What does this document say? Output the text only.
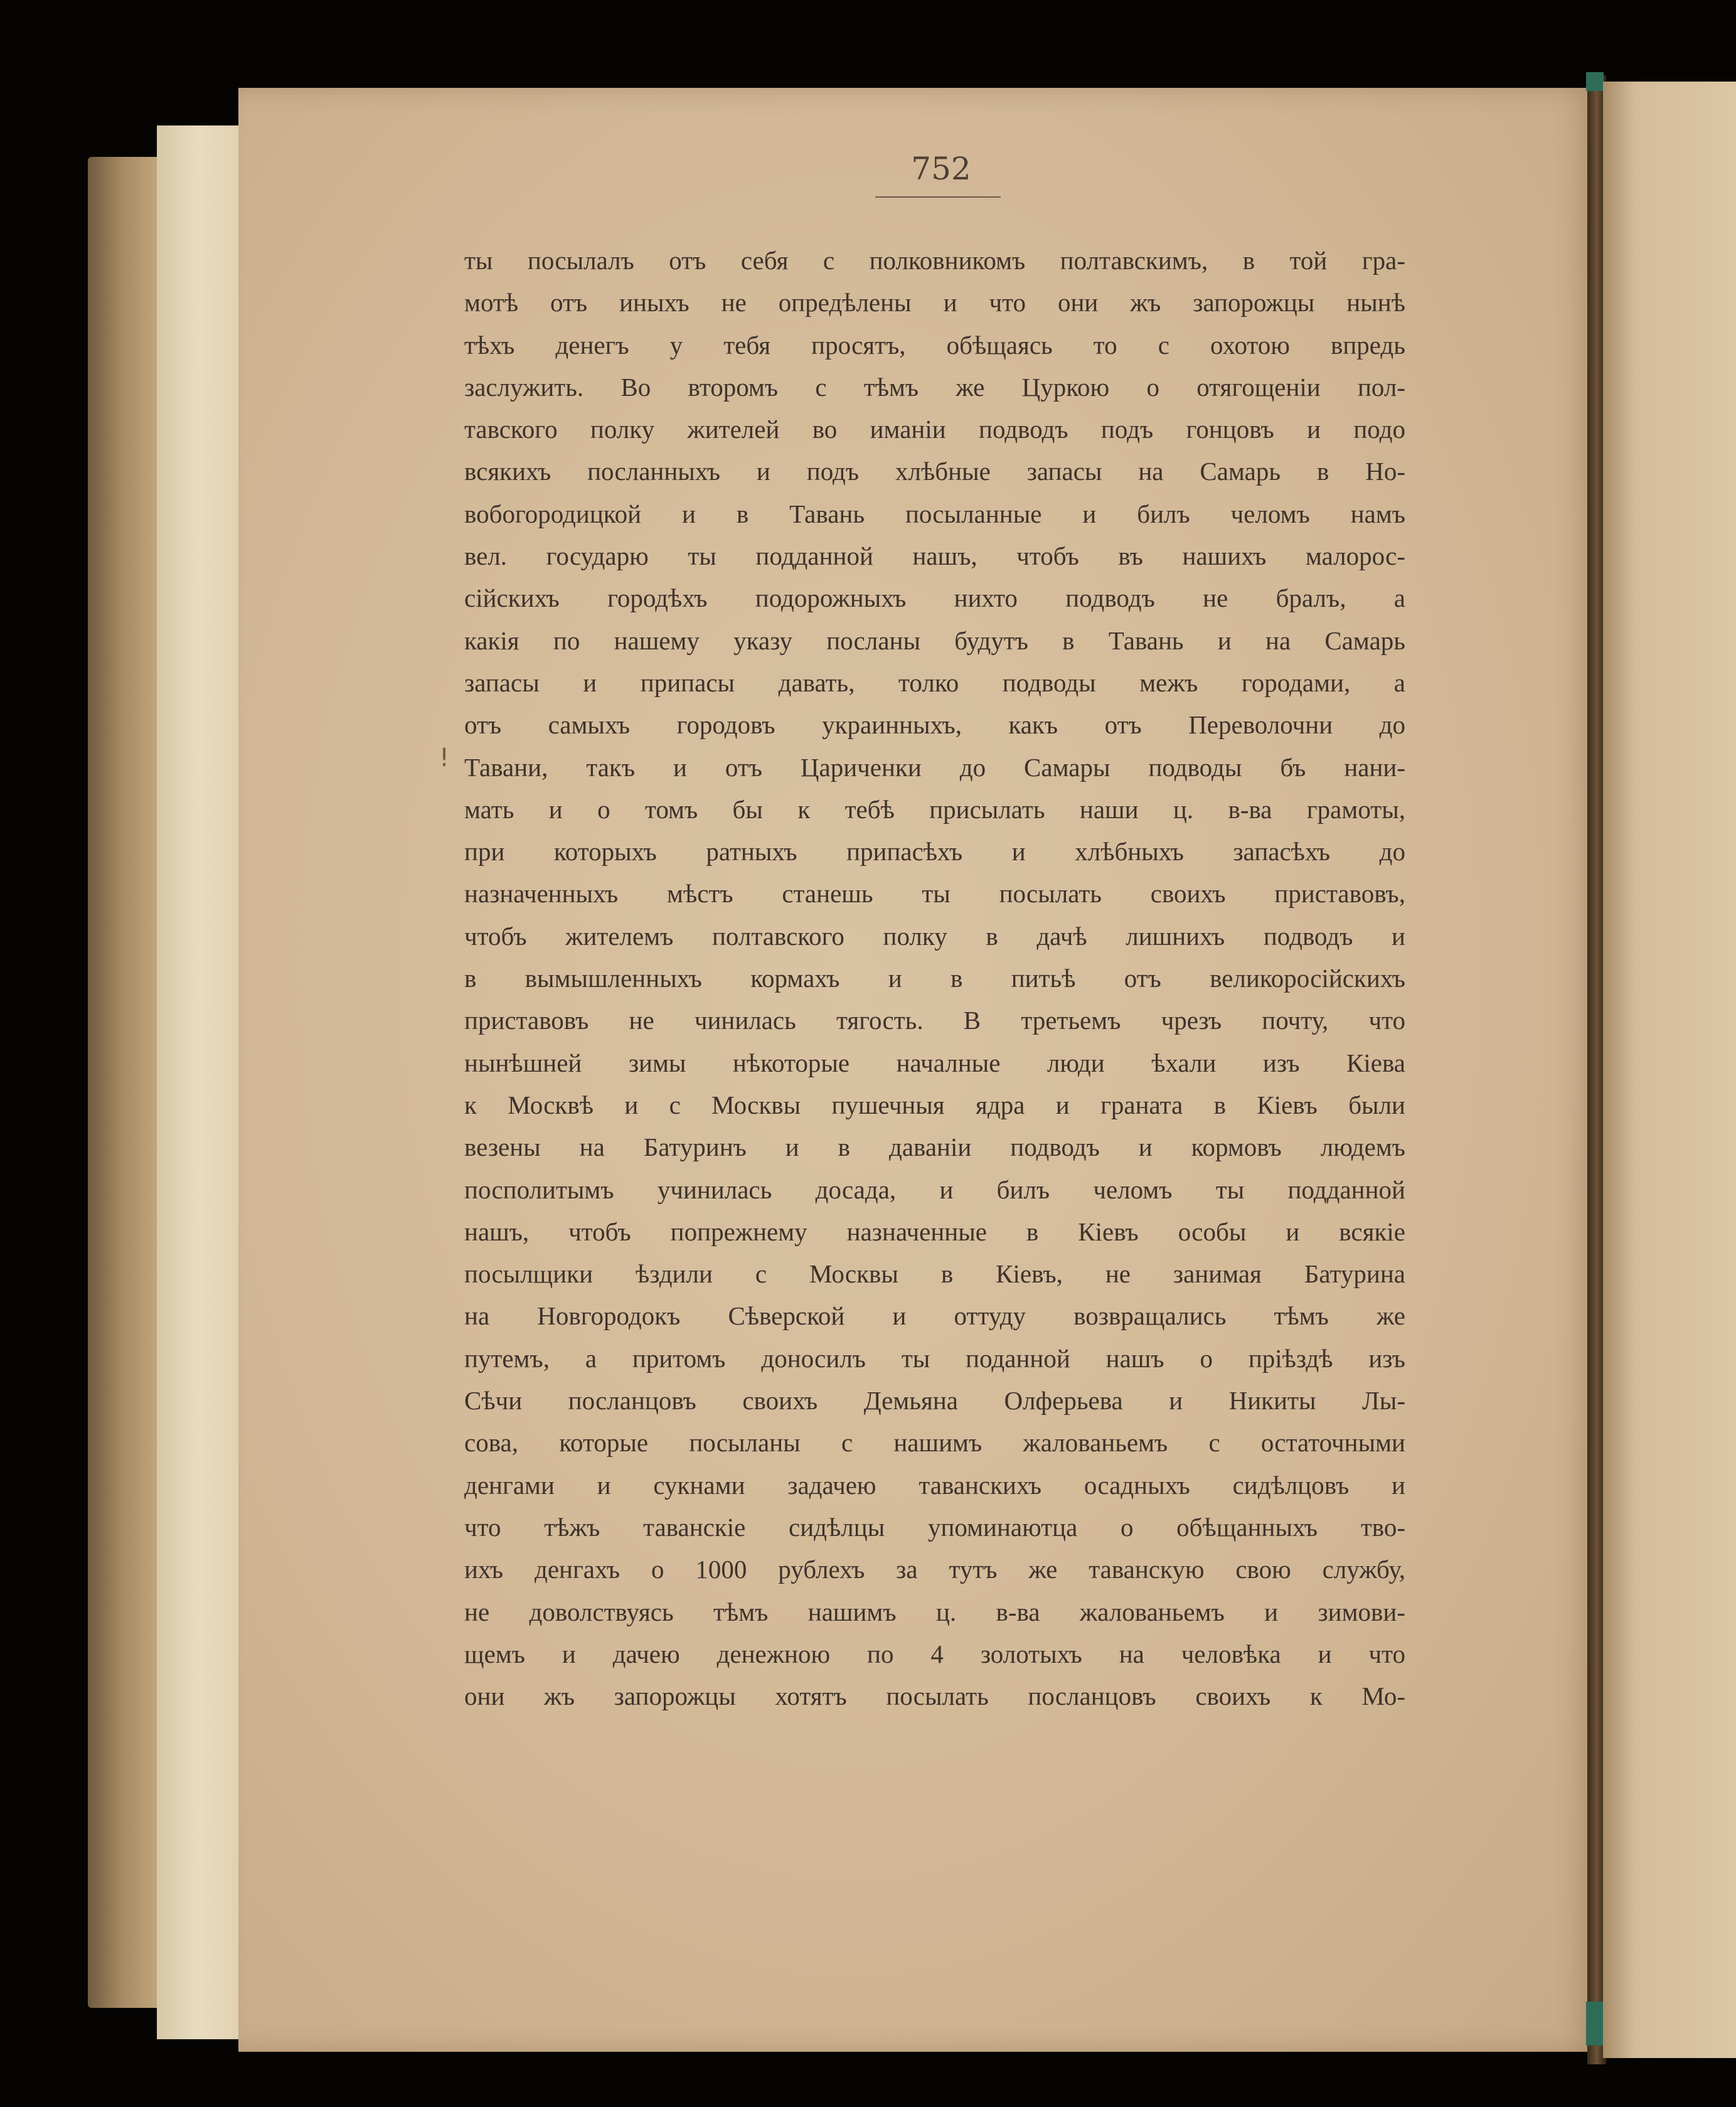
752
!
ты посылалъ отъ себя с полковникомъ полтавскимъ, в той гра-
мотѣ отъ иныхъ не опредѣлены и что они жъ запорожцы нынѣ
тѣхъ денегъ у тебя просятъ, обѣщаясь то с охотою впредь
заслужить. Во второмъ с тѣмъ же Цуркою о отягощеніи пол-
тавского полку жителей во иманіи подводъ подъ гонцовъ и подо
всякихъ посланныхъ и подъ хлѣбные запасы на Самарь в Но-
вобогородицкой и в Тавань посыланные и билъ челомъ намъ
вел. государю ты подданной нашъ, чтобъ въ нашихъ малорос-
сійскихъ городѣхъ подорожныхъ нихто подводъ не бралъ, а
какія по нашему указу посланы будутъ в Тавань и на Самарь
запасы и припасы давать, толко подводы межъ городами, а
отъ самыхъ городовъ украинныхъ, какъ отъ Переволочни до
Тавани, такъ и отъ Цариченки до Самары подводы бъ нани-
мать и о томъ бы к тебѣ присылать наши ц. в-ва грамоты,
при которыхъ ратныхъ припасѣхъ и хлѣбныхъ запасѣхъ до
назначенныхъ мѣстъ станешь ты посылать своихъ приставовъ,
чтобъ жителемъ полтавского полку в дачѣ лишнихъ подводъ и
в вымышленныхъ кормахъ и в питьѣ отъ великоросійскихъ
приставовъ не чинилась тягость. В третьемъ чрезъ почту, что
нынѣшней зимы нѣкоторые началные люди ѣхали изъ Кіева
к Москвѣ и с Москвы пушечныя ядра и граната в Кіевъ были
везены на Батуринъ и в даваніи подводъ и кормовъ людемъ
посполитымъ учинилась досада, и билъ челомъ ты подданной
нашъ, чтобъ попрежнему назначенные в Кіевъ особы и всякіе
посылщики ѣздили с Москвы в Кіевъ, не занимая Батурина
на Новгородокъ Сѣверской и оттуду возвращались тѣмъ же
путемъ, а притомъ доносилъ ты поданной нашъ о пріѣздѣ изъ
Сѣчи посланцовъ своихъ Демьяна Олферьева и Никиты Лы-
сова, которые посыланы с нашимъ жалованьемъ с остаточными
денгами и сукнами задачею таванскихъ осадныхъ сидѣлцовъ и
что тѣжъ таванскіе сидѣлцы упоминаютца о обѣщанныхъ тво-
ихъ денгахъ о 1000 рублехъ за тутъ же таванскую свою службу,
не доволствуясь тѣмъ нашимъ ц. в-ва жалованьемъ и зимови-
щемъ и дачею денежною по 4 золотыхъ на человѣка и что
они жъ запорожцы хотятъ посылать посланцовъ своихъ к Мо-
